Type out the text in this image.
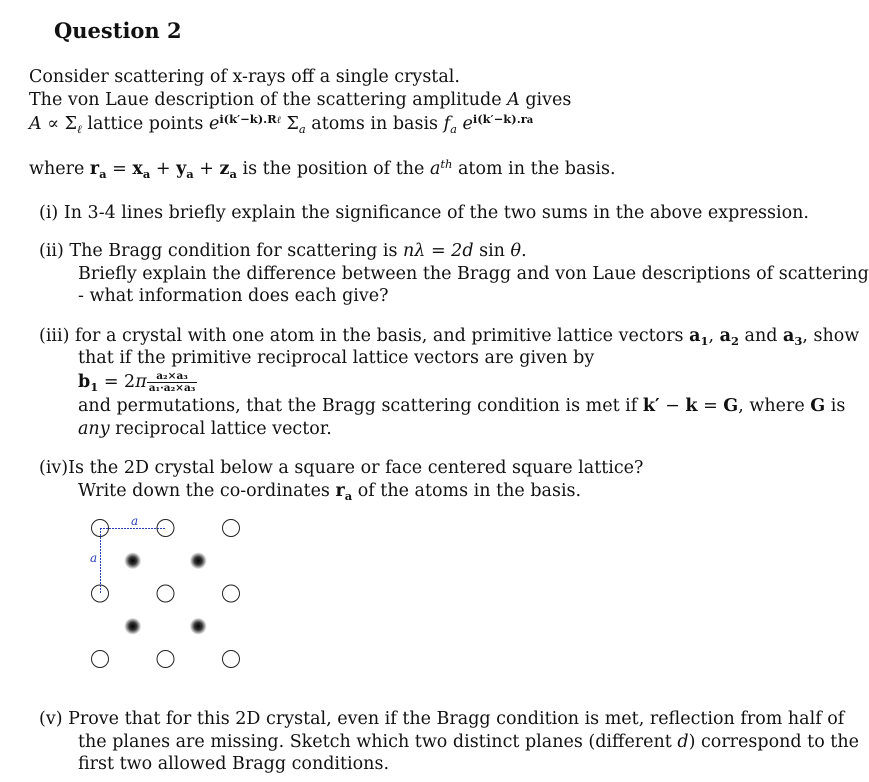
Question 2
Consider scattering of x-rays off a single crystal.
The von Laue description of the scattering amplitude A gives
$A \propto \Sigma_\ell$ lattice points $e^{i(k'-k).R\ell}$ $\Sigma_a$ atoms in basis $f_a$ $e^{i(k'-k).ra}$
where $r_a = x_a + y_a + z_a$ is the position of the $a^{th}$ atom in the basis.
(i) In 3-4 lines briefly explain the significance of the two sums in the above expression.
(ii) The Bragg condition for scattering is nλ = 2d sin θ.
Briefly explain the difference between the Bragg and von Laue descriptions of scattering
- what information does each give?
(iii) for a crystal with one atom in the basis, and primitive lattice vectors $a_1$, $a_2$ and $a_3$, show
that if the primitive reciprocal lattice vectors are given by
$b_1 = 2\pi \frac{\text{a₂×a₃}}{\text{a₁·a₂×a₃}}$
and permutations, that the Bragg scattering condition is met if k′ − k = G, where G is
any reciprocal lattice vector.
(iv)Is the 2D crystal below a square or face centered square lattice?
Write down the co-ordinates $r_a$ of the atoms in the basis.
a
a
(v) Prove that for this 2D crystal, even if the Bragg condition is met, reflection from half of
the planes are missing. Sketch which two distinct planes (different d) correspond to the
first two allowed Bragg conditions.
